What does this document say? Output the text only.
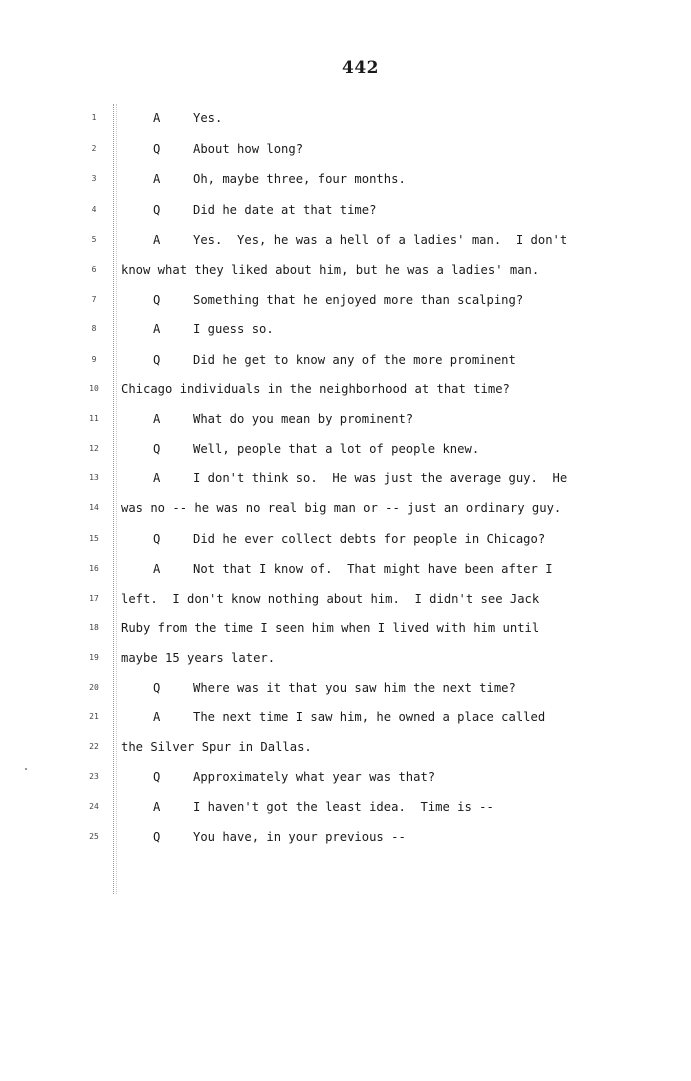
442
1	A	Yes.
2	Q	About how long?
3	A	Oh, maybe three, four months.
4	Q	Did he date at that time?
5	A	Yes.  Yes, he was a hell of a ladies' man.  I don't
6	know what they liked about him, but he was a ladies' man.
7	Q	Something that he enjoyed more than scalping?
8	A	I guess so.
9	Q	Did he get to know any of the more prominent
10 Chicago individuals in the neighborhood at that time?
11	A	What do you mean by prominent?
12	Q	Well, people that a lot of people knew.
13	A	I don't think so.  He was just the average guy.  He
14 was no -- he was no real big man or -- just an ordinary guy.
15	Q	Did he ever collect debts for people in Chicago?
16	A	Not that I know of.  That might have been after I
17 left.  I don't know nothing about him.  I didn't see Jack
18 Ruby from the time I seen him when I lived with him until
19 maybe 15 years later.
20	Q	Where was it that you saw him the next time?
21	A	The next time I saw him, he owned a place called
22 the Silver Spur in Dallas.
23	Q	Approximately what year was that?
24	A	I haven't got the least idea.  Time is --
25	Q	You have, in your previous --
